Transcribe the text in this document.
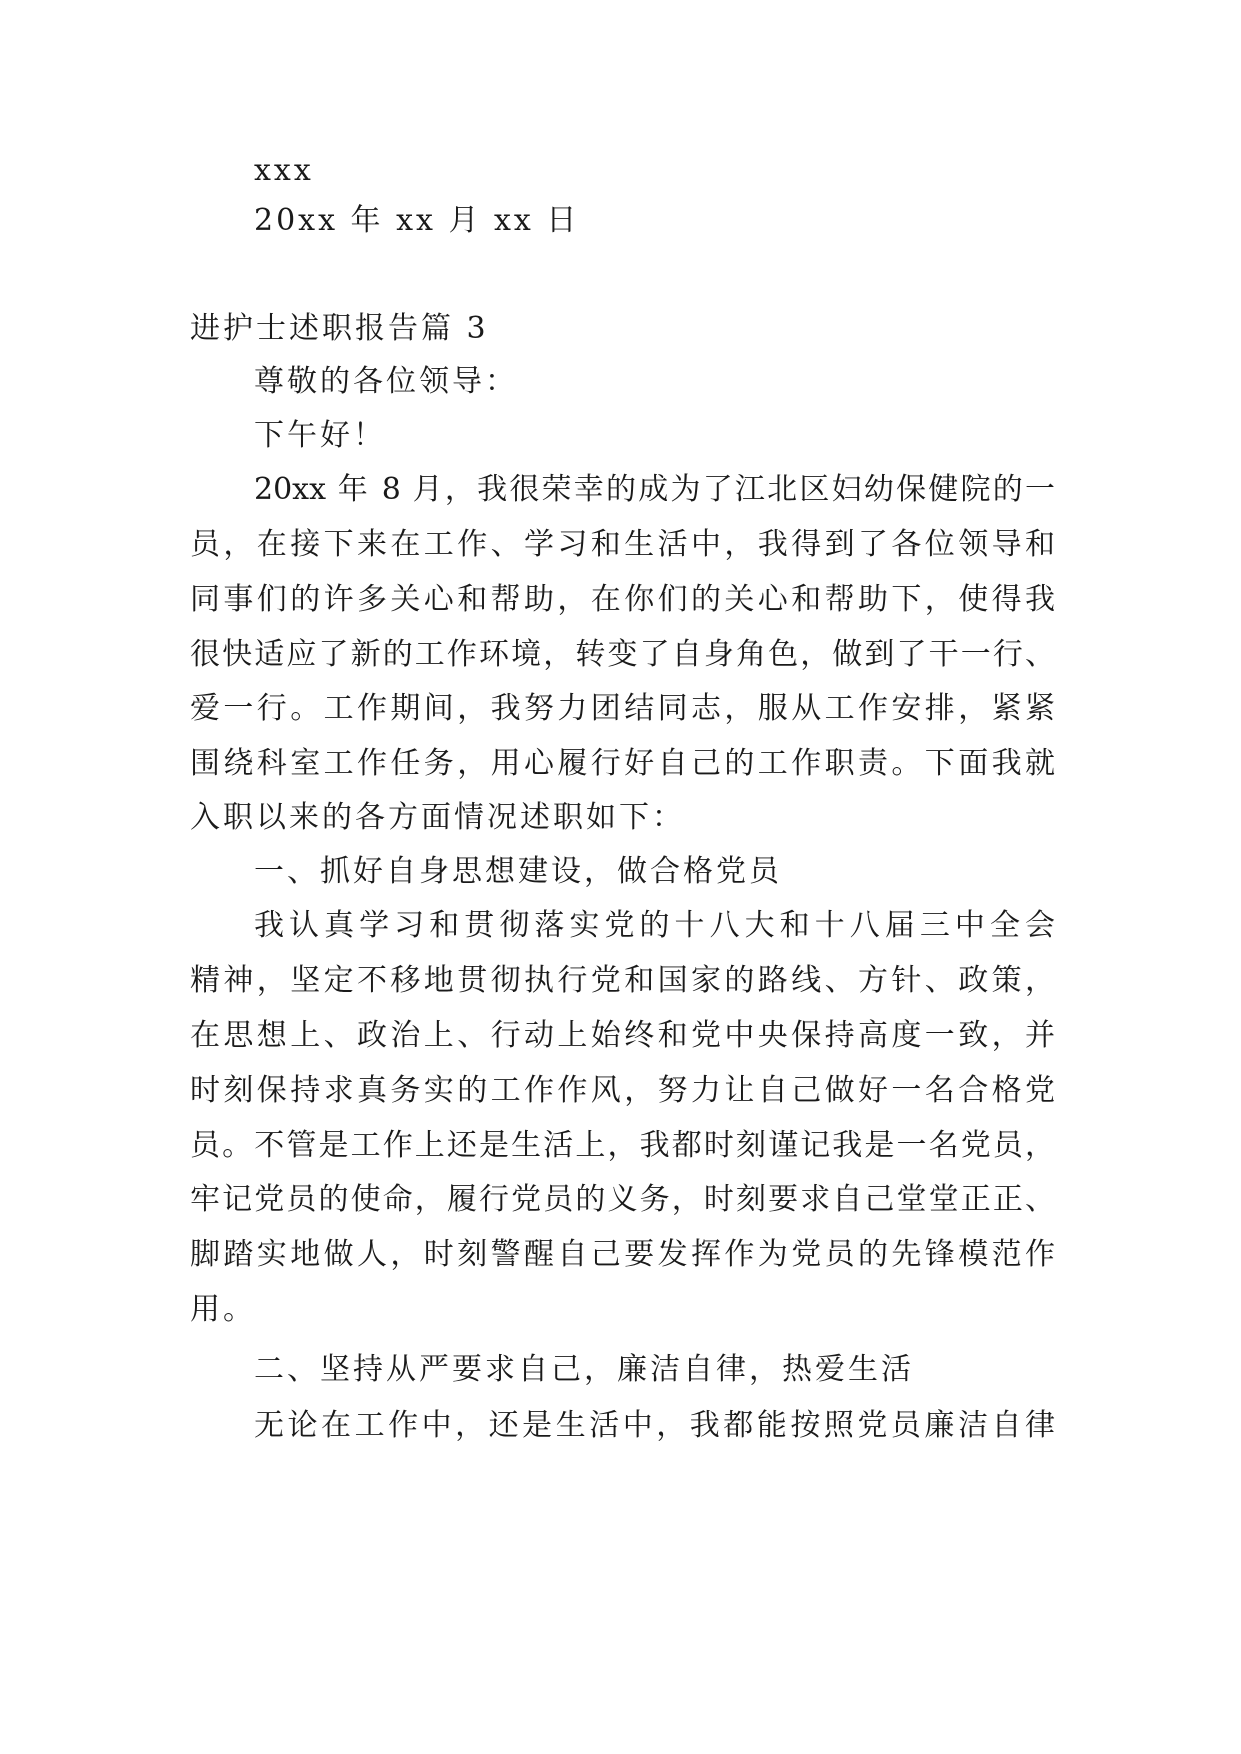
xxx
20xx 年 xx 月 xx 日
进护士述职报告篇 3
尊敬的各位领导：
下午好！
20xx 年 8 月，我很荣幸的成为了江北区妇幼保健院的一
员，在接下来在工作、学习和生活中，我得到了各位领导和
同事们的许多关心和帮助，在你们的关心和帮助下，使得我
很快适应了新的工作环境，转变了自身角色，做到了干一行、
爱一行。工作期间，我努力团结同志，服从工作安排，紧紧
围绕科室工作任务，用心履行好自己的工作职责。下面我就
入职以来的各方面情况述职如下：
一、抓好自身思想建设，做合格党员
我认真学习和贯彻落实党的十八大和十八届三中全会
精神，坚定不移地贯彻执行党和国家的路线、方针、政策，
在思想上、政治上、行动上始终和党中央保持高度一致，并
时刻保持求真务实的工作作风，努力让自己做好一名合格党
员。不管是工作上还是生活上，我都时刻谨记我是一名党员，
牢记党员的使命，履行党员的义务，时刻要求自己堂堂正正、
脚踏实地做人，时刻警醒自己要发挥作为党员的先锋模范作
用。
二、坚持从严要求自己，廉洁自律，热爱生活
无论在工作中，还是生活中，我都能按照党员廉洁自律
